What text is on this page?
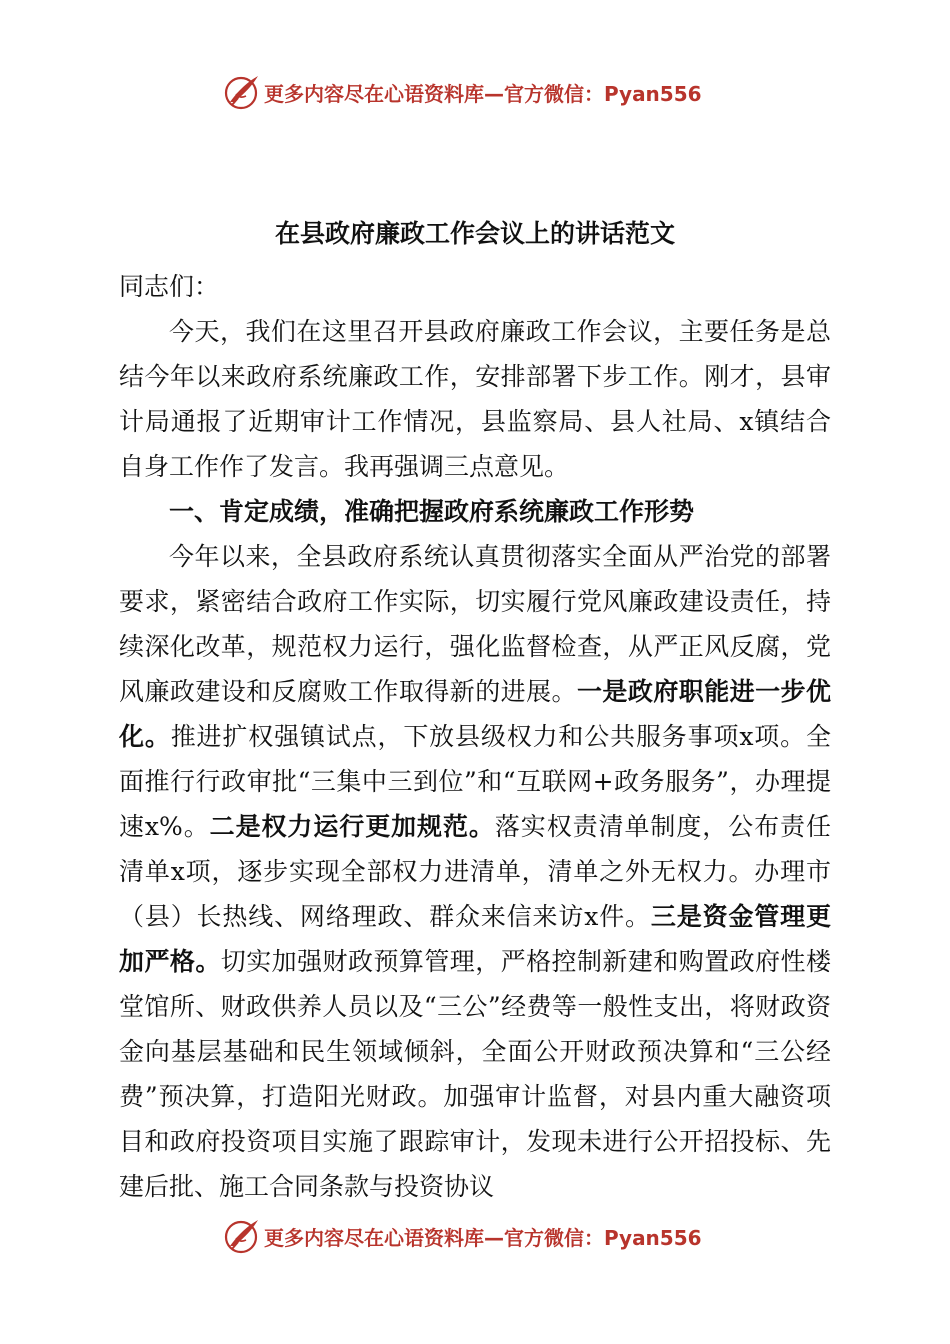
更多内容尽在心语资料库—官方微信：Pyan556
在县政府廉政工作会议上的讲话范文

同志们：

今天，我们在这里召开县政府廉政工作会议，主要任务是总结今年以来政府系统廉政工作，安排部署下步工作。刚才，县审计局通报了近期审计工作情况，县监察局、县人社局、x镇结合自身工作作了发言。我再强调三点意见。

一、肯定成绩，准确把握政府系统廉政工作形势

今年以来，全县政府系统认真贯彻落实全面从严治党的部署要求，紧密结合政府工作实际，切实履行党风廉政建设责任，持续深化改革，规范权力运行，强化监督检查，从严正风反腐，党风廉政建设和反腐败工作取得新的进展。一是政府职能进一步优化。推进扩权强镇试点，下放县级权力和公共服务事项x项。全面推行行政审批“三集中三到位”和“互联网+政务服务”，办理提速x%。二是权力运行更加规范。落实权责清单制度，公布责任清单x项，逐步实现全部权力进清单，清单之外无权力。办理市（县）长热线、网络理政、群众来信来访x件。三是资金管理更加严格。切实加强财政预算管理，严格控制新建和购置政府性楼堂馆所、财政供养人员以及“三公”经费等一般性支出，将财政资金向基层基础和民生领域倾斜，全面公开财政预决算和“三公经费”预决算，打造阳光财政。加强审计监督，对县内重大融资项目和政府投资项目实施了跟踪审计，发现未进行公开招投标、先建后批、施工合同条款与投资协议

更多内容尽在心语资料库—官方微信：Pyan556
